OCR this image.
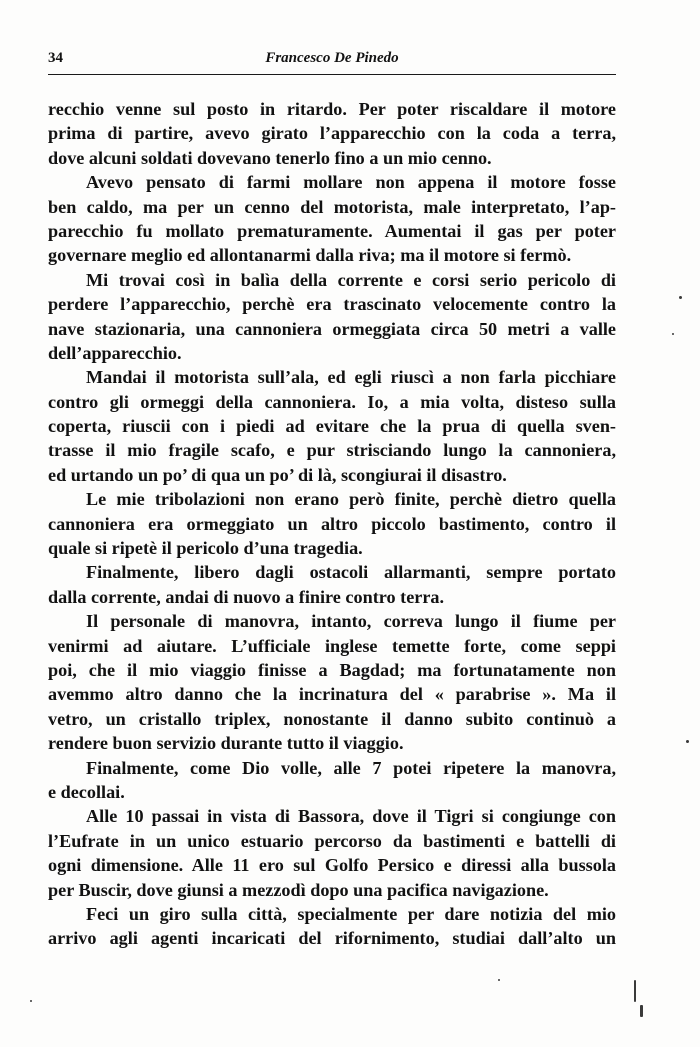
34	Francesco De Pinedo
recchio venne sul posto in ritardo. Per poter riscaldare il motore
prima di partire, avevo girato l’apparecchio con la coda a terra,
dove alcuni soldati dovevano tenerlo fino a un mio cenno.
Avevo pensato di farmi mollare non appena il motore fosse
ben caldo, ma per un cenno del motorista, male interpretato, l’ap-
parecchio fu mollato prematuramente. Aumentai il gas per poter
governare meglio ed allontanarmi dalla riva; ma il motore si fermò.
Mi trovai così in balìa della corrente e corsi serio pericolo di
perdere l’apparecchio, perchè era trascinato velocemente contro la
nave stazionaria, una cannoniera ormeggiata circa 50 metri a valle
dell’apparecchio.
Mandai il motorista sull’ala, ed egli riuscì a non farla picchiare
contro gli ormeggi della cannoniera. Io, a mia volta, disteso sulla
coperta, riuscii con i piedi ad evitare che la prua di quella sven-
trasse il mio fragile scafo, e pur strisciando lungo la cannoniera,
ed urtando un po’ di qua un po’ di là, scongiurai il disastro.
Le mie tribolazioni non erano però finite, perchè dietro quella
cannoniera era ormeggiato un altro piccolo bastimento, contro il
quale si ripetè il pericolo d’una tragedia.
Finalmente, libero dagli ostacoli allarmanti, sempre portato
dalla corrente, andai di nuovo a finire contro terra.
Il personale di manovra, intanto, correva lungo il fiume per
venirmi ad aiutare. L’ufficiale inglese temette forte, come seppi
poi, che il mio viaggio finisse a Bagdad; ma fortunatamente non
avemmo altro danno che la incrinatura del « parabrise ». Ma il
vetro, un cristallo triplex, nonostante il danno subito continuò a
rendere buon servizio durante tutto il viaggio.
Finalmente, come Dio volle, alle 7 potei ripetere la manovra,
e decollai.
Alle 10 passai in vista di Bassora, dove il Tigri si congiunge con
l’Eufrate in un unico estuario percorso da bastimenti e battelli di
ogni dimensione. Alle 11 ero sul Golfo Persico e diressi alla bussola
per Buscir, dove giunsi a mezzodì dopo una pacifica navigazione.
Feci un giro sulla città, specialmente per dare notizia del mio
arrivo agli agenti incaricati del rifornimento, studiai dall’alto un
